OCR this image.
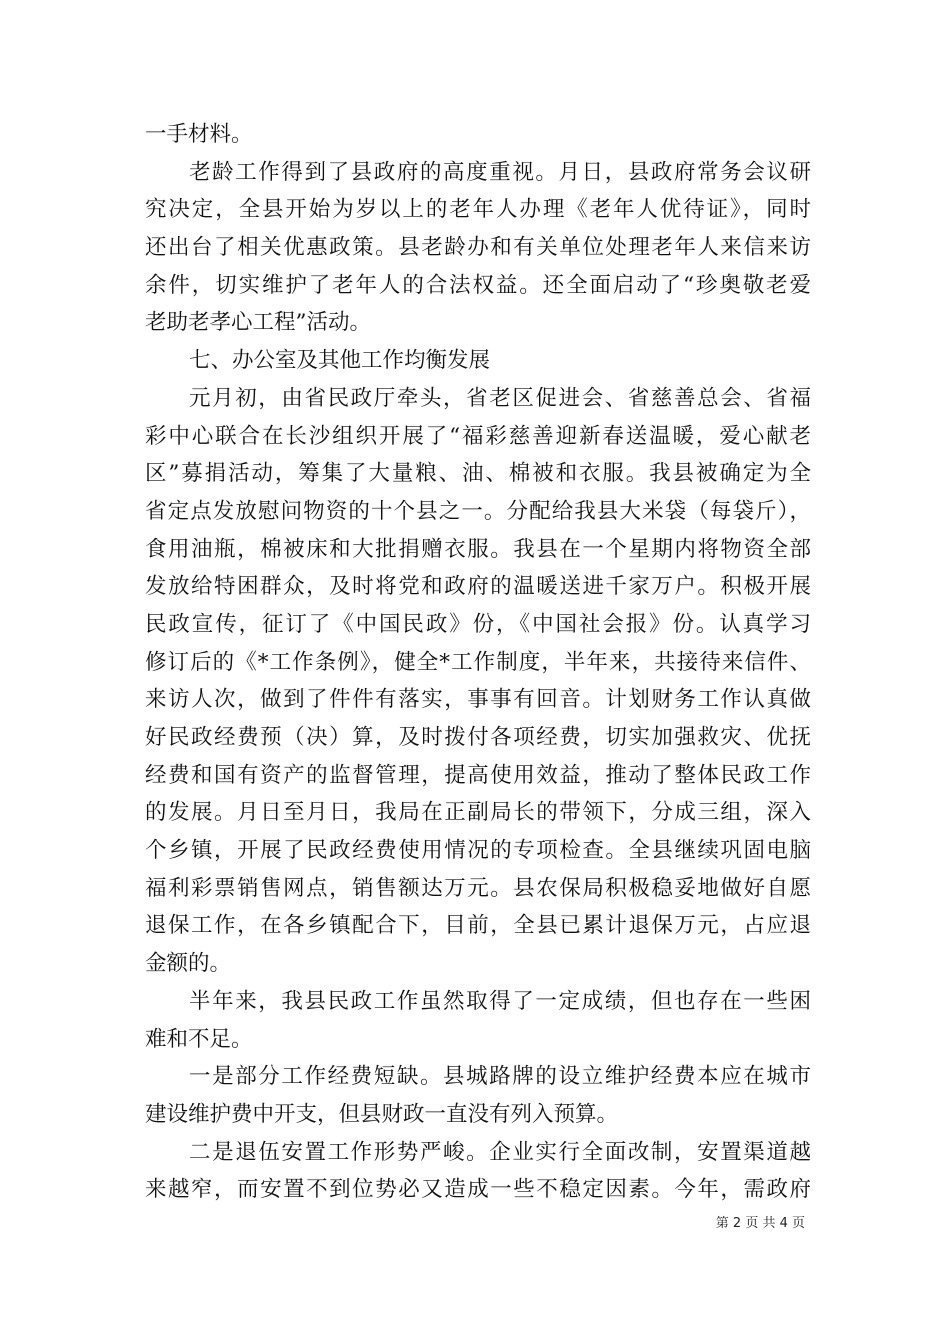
一手材料。
老龄工作得到了县政府的高度重视。月日，县政府常务会议研
究决定，全县开始为岁以上的老年人办理《老年人优待证》，同时
还出台了相关优惠政策。县老龄办和有关单位处理老年人来信来访
余件，切实维护了老年人的合法权益。还全面启动了“珍奥敬老爱
老助老孝心工程”活动。
七、办公室及其他工作均衡发展
元月初，由省民政厅牵头，省老区促进会、省慈善总会、省福
彩中心联合在长沙组织开展了“福彩慈善迎新春送温暖，爱心献老
区”募捐活动，筹集了大量粮、油、棉被和衣服。我县被确定为全
省定点发放慰问物资的十个县之一。分配给我县大米袋（每袋斤），
食用油瓶，棉被床和大批捐赠衣服。我县在一个星期内将物资全部
发放给特困群众，及时将党和政府的温暖送进千家万户。积极开展
民政宣传，征订了《中国民政》份，《中国社会报》份。认真学习
修订后的《*工作条例》，健全*工作制度，半年来，共接待来信件、
来访人次，做到了件件有落实，事事有回音。计划财务工作认真做
好民政经费预（决）算，及时拨付各项经费，切实加强救灾、优抚
经费和国有资产的监督管理，提高使用效益，推动了整体民政工作
的发展。月日至月日，我局在正副局长的带领下，分成三组，深入
个乡镇，开展了民政经费使用情况的专项检查。全县继续巩固电脑
福利彩票销售网点，销售额达万元。县农保局积极稳妥地做好自愿
退保工作，在各乡镇配合下，目前，全县已累计退保万元，占应退
金额的。
半年来，我县民政工作虽然取得了一定成绩，但也存在一些困
难和不足。
一是部分工作经费短缺。县城路牌的设立维护经费本应在城市
建设维护费中开支，但县财政一直没有列入预算。
二是退伍安置工作形势严峻。企业实行全面改制，安置渠道越
来越窄，而安置不到位势必又造成一些不稳定因素。今年，需政府
第 2 页 共 4 页
